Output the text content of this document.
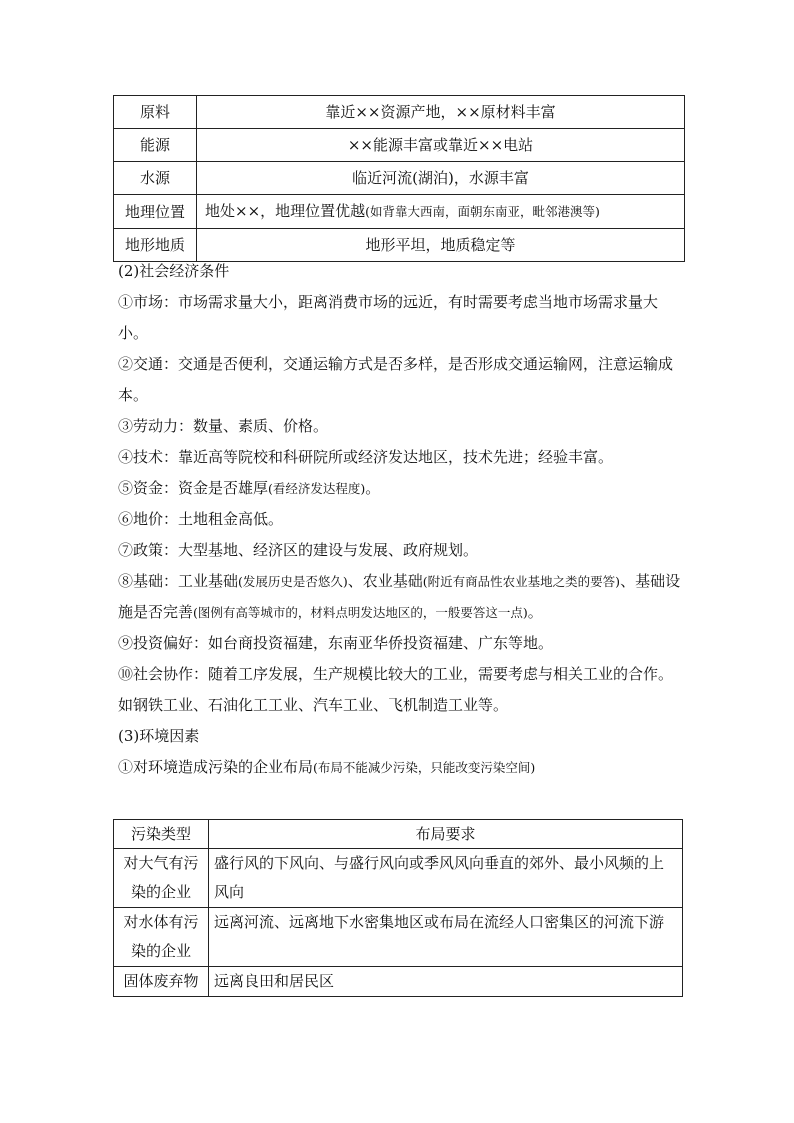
原料	靠近××资源产地，××原材料丰富
能源	××能源丰富或靠近××电站
水源	临近河流(湖泊)，水源丰富
地理位置	地处××，地理位置优越(如背靠大西南，面朝东南亚，毗邻港澳等)
地形地质	地形平坦，地质稳定等

(2)社会经济条件

①市场：市场需求量大小，距离消费市场的远近，有时需要考虑当地市场需求量大小。

②交通：交通是否便利，交通运输方式是否多样，是否形成交通运输网，注意运输成本。

③劳动力：数量、素质、价格。

④技术：靠近高等院校和科研院所或经济发达地区，技术先进；经验丰富。

⑤资金：资金是否雄厚(看经济发达程度)。

⑥地价：土地租金高低。

⑦政策：大型基地、经济区的建设与发展、政府规划。

⑧基础：工业基础(发展历史是否悠久)、农业基础(附近有商品性农业基地之类的要答)、基础设施是否完善(图例有高等城市的，材料点明发达地区的，一般要答这一点)。

⑨投资偏好：如台商投资福建，东南亚华侨投资福建、广东等地。

⑩社会协作：随着工序发展，生产规模比较大的工业，需要考虑与相关工业的合作。如钢铁工业、石油化工工业、汽车工业、飞机制造工业等。

(3)环境因素

①对环境造成污染的企业布局(布局不能减少污染，只能改变污染空间)

污染类型	布局要求
对大气有污染的企业	盛行风的下风向、与盛行风向或季风风向垂直的郊外、最小风频的上风向
对水体有污染的企业	远离河流、远离地下水密集地区或布局在流经人口密集区的河流下游
固体废弃物	远离良田和居民区
